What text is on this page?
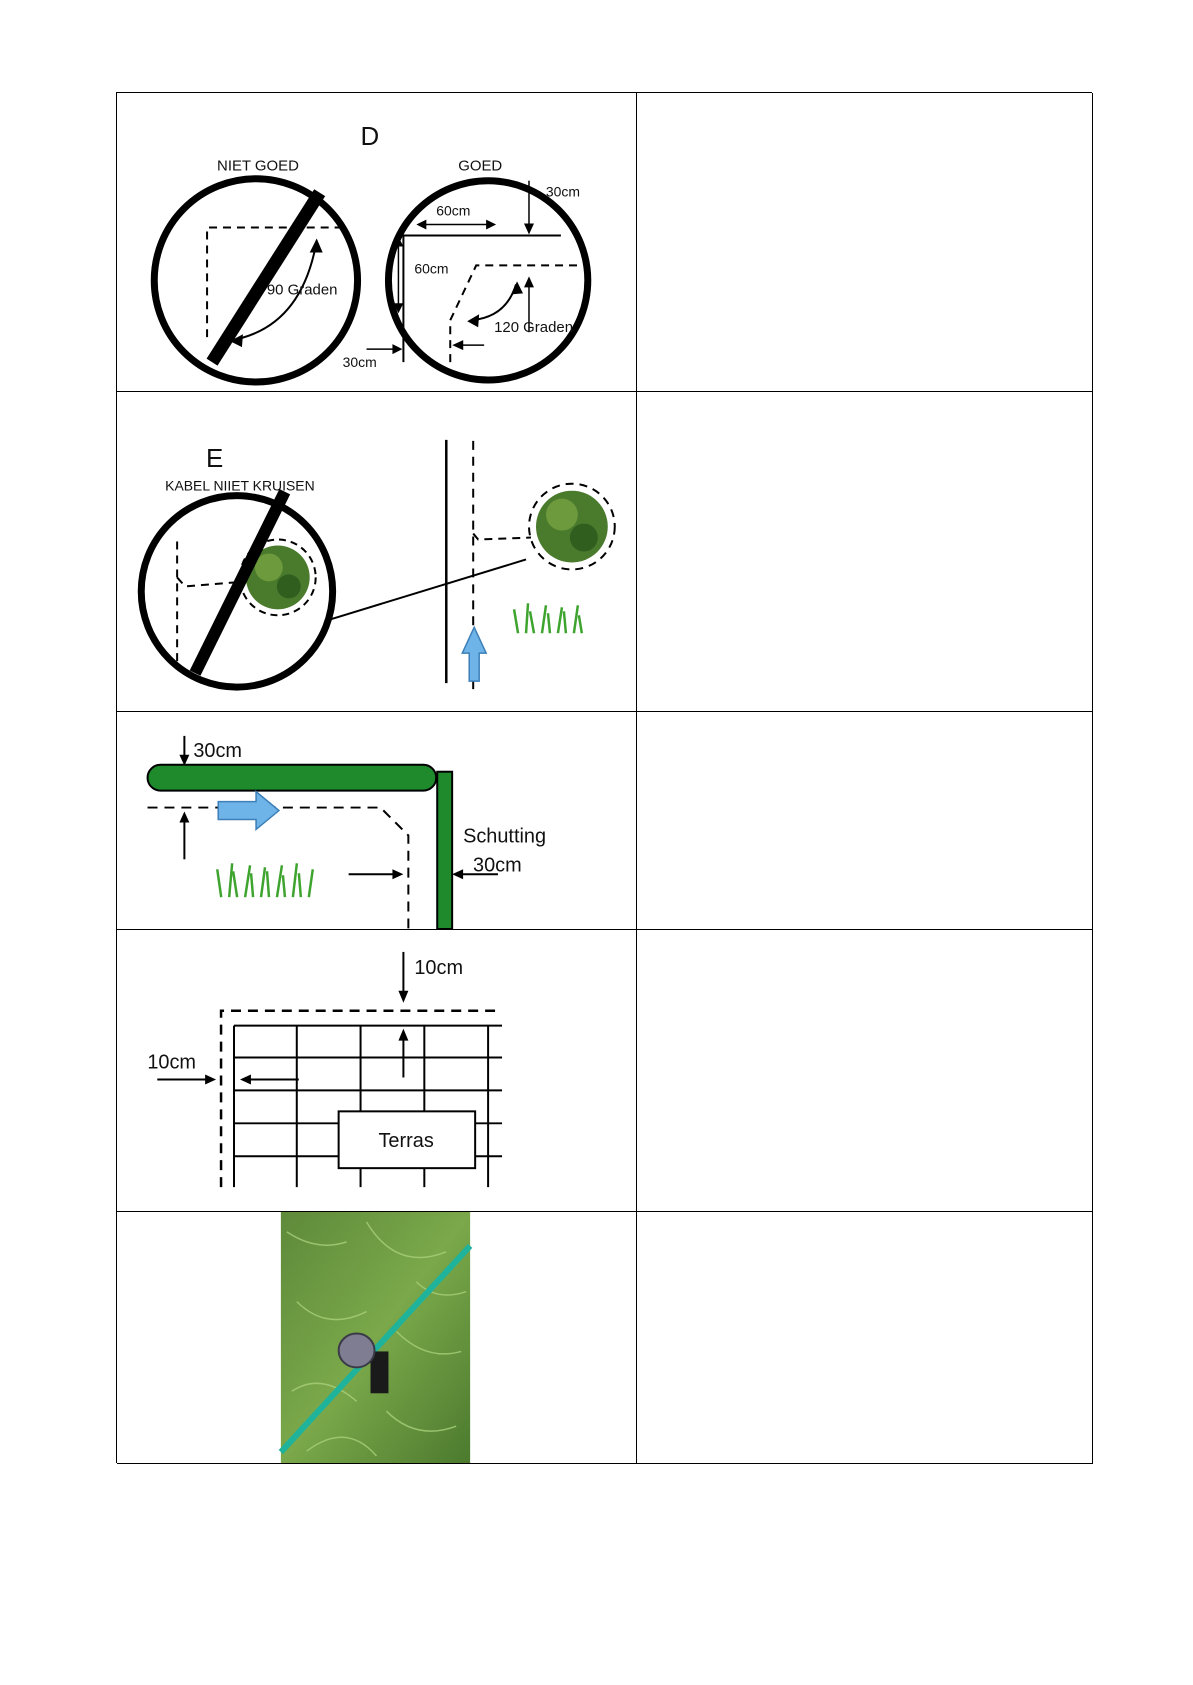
D
NIET GOED	GOED
90 Graden
60cm
60cm
30cm
30cm
120 Graden
E
KABEL NIIET KRUISEN
30cm
Schutting
30cm
10cm
Terras
10cm
